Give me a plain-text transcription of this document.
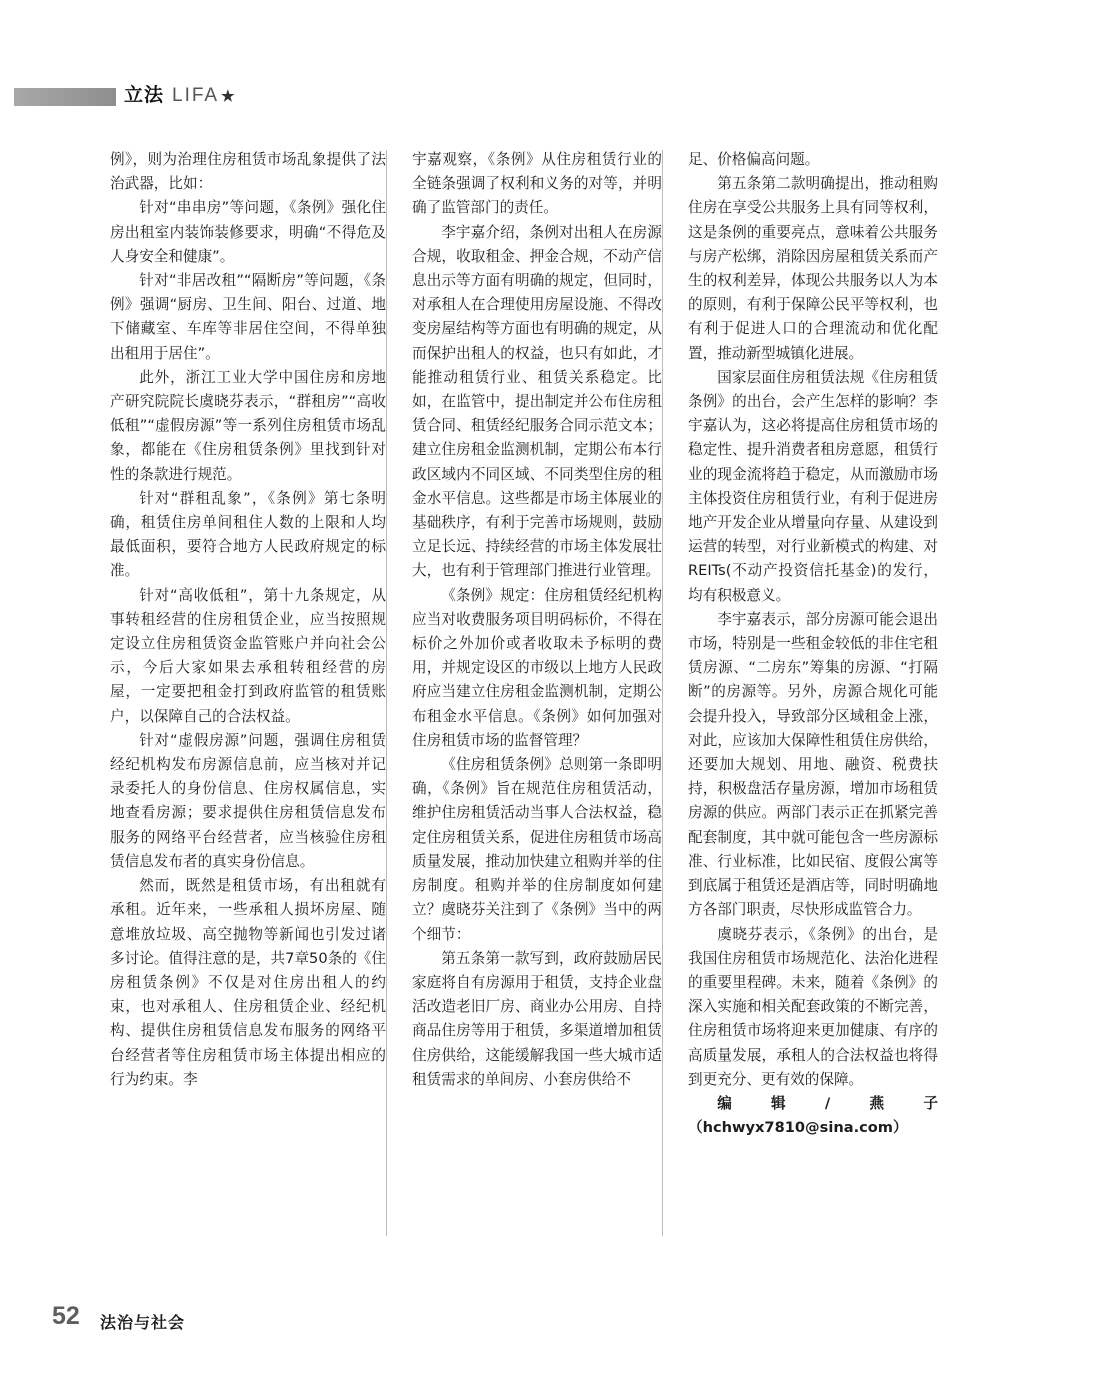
立法 LIFA ★

例》，则为治理住房租赁市场乱象提供了法治武器，比如：

针对“串串房”等问题，《条例》强化住房出租室内装饰装修要求，明确“不得危及人身安全和健康”。

针对“非居改租”“隔断房”等问题，《条例》强调“厨房、卫生间、阳台、过道、地下储藏室、车库等非居住空间，不得单独出租用于居住”。

此外，浙江工业大学中国住房和房地产研究院院长虞晓芬表示，“群租房”“高收低租”“虚假房源”等一系列住房租赁市场乱象，都能在《住房租赁条例》里找到针对性的条款进行规范。

针对“群租乱象”，《条例》第七条明确，租赁住房单间租住人数的上限和人均最低面积，要符合地方人民政府规定的标准。

针对“高收低租”，第十九条规定，从事转租经营的住房租赁企业，应当按照规定设立住房租赁资金监管账户并向社会公示，今后大家如果去承租转租经营的房屋，一定要把租金打到政府监管的租赁账户，以保障自己的合法权益。

针对“虚假房源”问题，强调住房租赁经纪机构发布房源信息前，应当核对并记录委托人的身份信息、住房权属信息，实地查看房源；要求提供住房租赁信息发布服务的网络平台经营者，应当核验住房租赁信息发布者的真实身份信息。

然而，既然是租赁市场，有出租就有承租。近年来，一些承租人损坏房屋、随意堆放垃圾、高空抛物等新闻也引发过诸多讨论。值得注意的是，共7章50条的《住房租赁条例》不仅是对住房出租人的约束，也对承租人、住房租赁企业、经纪机构、提供住房租赁信息发布服务的网络平台经营者等住房租赁市场主体提出相应的行为约束。李

宇嘉观察，《条例》从住房租赁行业的全链条强调了权利和义务的对等，并明确了监管部门的责任。

李宇嘉介绍，条例对出租人在房源合规，收取租金、押金合规，不动产信息出示等方面有明确的规定，但同时，对承租人在合理使用房屋设施、不得改变房屋结构等方面也有明确的规定，从而保护出租人的权益，也只有如此，才能推动租赁行业、租赁关系稳定。比如，在监管中，提出制定并公布住房租赁合同、租赁经纪服务合同示范文本；建立住房租金监测机制，定期公布本行政区域内不同区域、不同类型住房的租金水平信息。这些都是市场主体展业的基础秩序，有利于完善市场规则，鼓励立足长远、持续经营的市场主体发展壮大，也有利于管理部门推进行业管理。

《条例》规定：住房租赁经纪机构应当对收费服务项目明码标价，不得在标价之外加价或者收取未予标明的费用，并规定设区的市级以上地方人民政府应当建立住房租金监测机制，定期公布租金水平信息。《条例》如何加强对住房租赁市场的监督管理？

《住房租赁条例》总则第一条即明确，《条例》旨在规范住房租赁活动，维护住房租赁活动当事人合法权益，稳定住房租赁关系，促进住房租赁市场高质量发展，推动加快建立租购并举的住房制度。租购并举的住房制度如何建立？虞晓芬关注到了《条例》当中的两个细节：

第五条第一款写到，政府鼓励居民家庭将自有房源用于租赁，支持企业盘活改造老旧厂房、商业办公用房、自持商品住房等用于租赁，多渠道增加租赁住房供给，这能缓解我国一些大城市适租赁需求的单间房、小套房供给不

足、价格偏高问题。

第五条第二款明确提出，推动租购住房在享受公共服务上具有同等权利，这是条例的重要亮点，意味着公共服务与房产松绑，消除因房屋租赁关系而产生的权利差异，体现公共服务以人为本的原则，有利于保障公民平等权利，也有利于促进人口的合理流动和优化配置，推动新型城镇化进展。

国家层面住房租赁法规《住房租赁条例》的出台，会产生怎样的影响？李宇嘉认为，这必将提高住房租赁市场的稳定性、提升消费者租房意愿，租赁行业的现金流将趋于稳定，从而激励市场主体投资住房租赁行业，有利于促进房地产开发企业从增量向存量、从建设到运营的转型，对行业新模式的构建、对REITs(不动产投资信托基金)的发行，均有积极意义。

李宇嘉表示，部分房源可能会退出市场，特别是一些租金较低的非住宅租赁房源、“二房东”筹集的房源、“打隔断”的房源等。另外，房源合规化可能会提升投入，导致部分区域租金上涨，对此，应该加大保障性租赁住房供给，还要加大规划、用地、融资、税费扶持，积极盘活存量房源，增加市场租赁房源的供应。两部门表示正在抓紧完善配套制度，其中就可能包含一些房源标准、行业标准，比如民宿、度假公寓等到底属于租赁还是酒店等，同时明确地方各部门职责，尽快形成监管合力。

虞晓芬表示，《条例》的出台，是我国住房租赁市场规范化、法治化进程的重要里程碑。未来，随着《条例》的深入实施和相关配套政策的不断完善，住房租赁市场将迎来更加健康、有序的高质量发展，承租人的合法权益也将得到更充分、更有效的保障。

编辑/燕子（hchwyx7810@sina.com）

52 法治与社会
